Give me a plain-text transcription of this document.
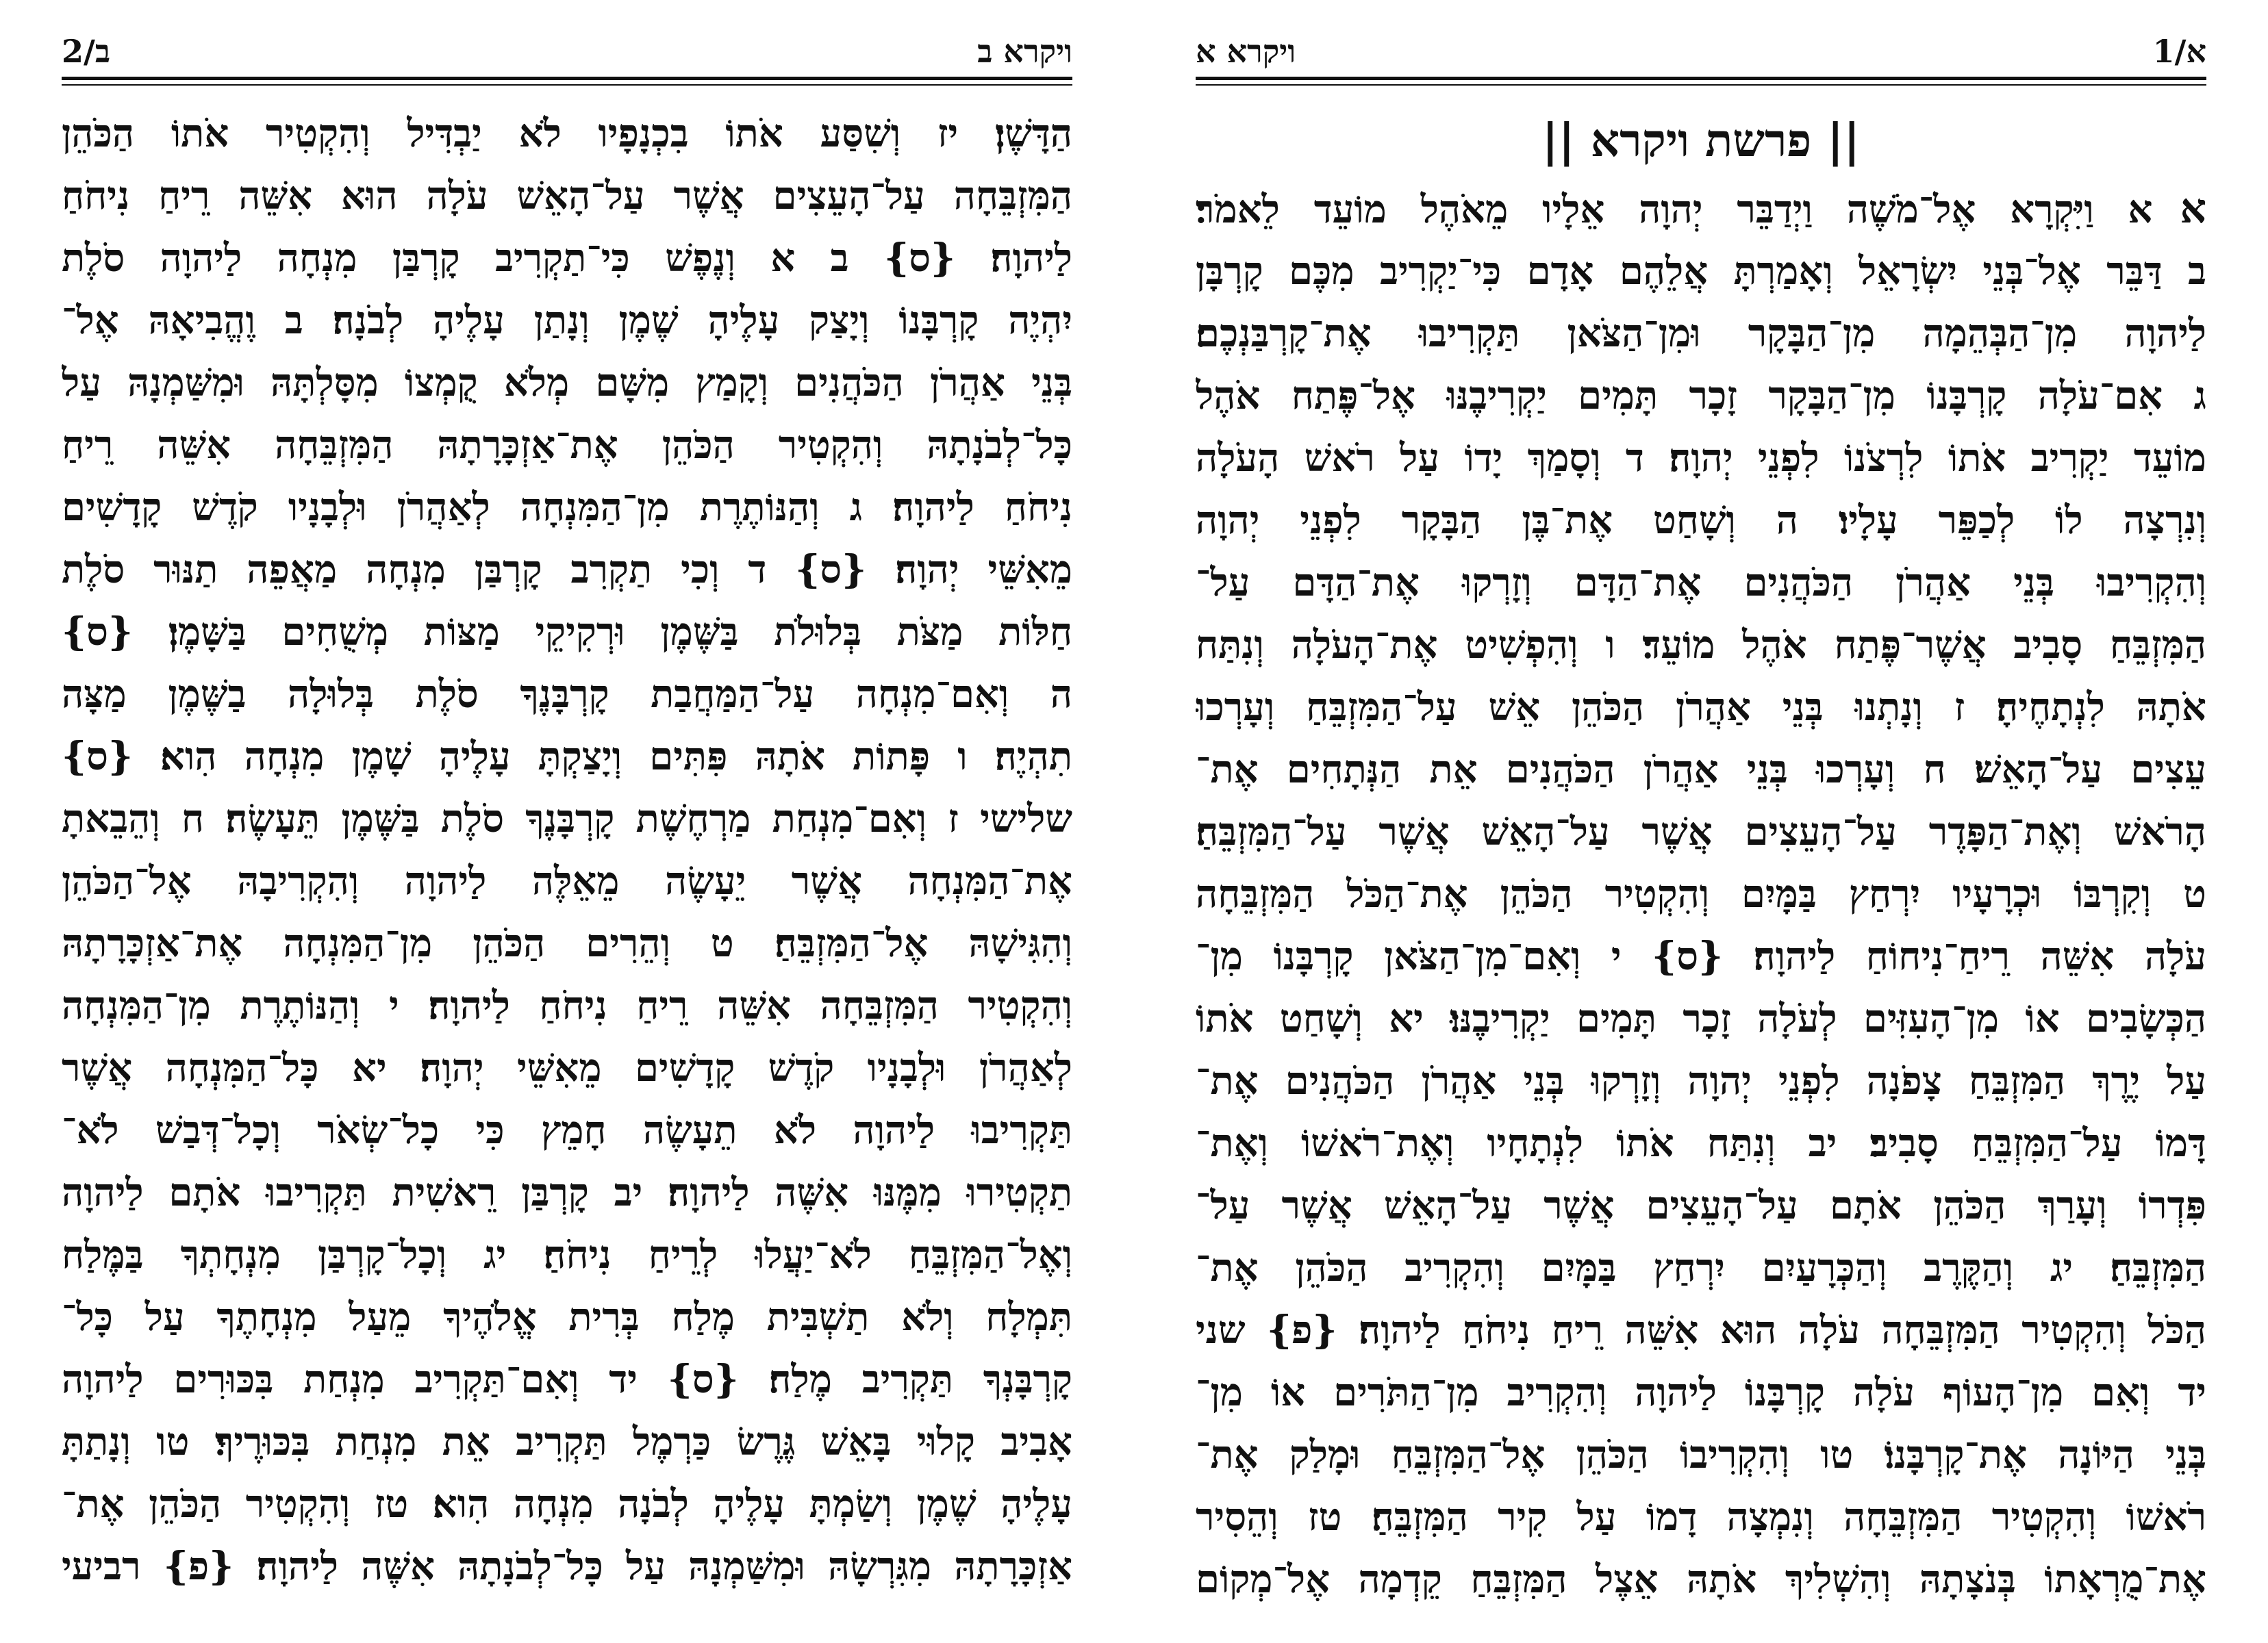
ויקרא ב
ב/2
הַדָּשֶׁן׃ יז וְשִׁסַּע אֹתוֹ בִכְנָפָיו לֹא יַבְדִּיל וְהִקְטִיר אֹתוֹ הַכֹּהֵן
הַמִּזְבֵּחָה עַל־הָעֵצִים אֲשֶׁר עַל־הָאֵשׁ עֹלָה הוּא אִשֵּׁה רֵיחַ נִיחֹחַ
לַיהוָה׃ {ס} ב א וְנֶפֶשׁ כִּי־תַקְרִיב קָרְבַּן מִנְחָה לַיהוָה סֹלֶת
יִהְיֶה קָרְבָּנוֹ וְיָצַק עָלֶיהָ שֶׁמֶן וְנָתַן עָלֶיהָ לְבֹנָה׃ ב וֶהֱבִיאָהּ אֶל־
בְּנֵי אַהֲרֹן הַכֹּהֲנִים וְקָמַץ מִשָּׁם מְלֹא קֻמְצוֹ מִסָּלְתָּהּ וּמִשַּׁמְנָהּ עַל
כָּל־לְבֹנָתָהּ וְהִקְטִיר הַכֹּהֵן אֶת־אַזְכָּרָתָהּ הַמִּזְבֵּחָה אִשֵּׁה רֵיחַ
נִיחֹחַ לַיהוָה׃ ג וְהַנּוֹתֶרֶת מִן־הַמִּנְחָה לְאַהֲרֹן וּלְבָנָיו קֹדֶשׁ קָדָשִׁים
מֵאִשֵּׁי יְהוָה׃ {ס} ד וְכִי תַקְרִב קָרְבַּן מִנְחָה מַאֲפֵה תַנּוּר סֹלֶת
חַלּוֹת מַצֹּת בְּלוּלֹת בַּשֶּׁמֶן וּרְקִיקֵי מַצּוֹת מְשֻׁחִים בַּשָּׁמֶן׃ {ס}
ה וְאִם־מִנְחָה עַל־הַמַּחֲבַת קָרְבָּנֶךָ סֹלֶת בְּלוּלָה בַשֶּׁמֶן מַצָּה
תִהְיֶה׃ ו פָּתוֹת אֹתָהּ פִּתִּים וְיָצַקְתָּ עָלֶיהָ שָׁמֶן מִנְחָה הִוא׃ {ס}
שלישי ז וְאִם־מִנְחַת מַרְחֶשֶׁת קָרְבָּנֶךָ סֹלֶת בַּשֶּׁמֶן תֵּעָשֶׂה׃ ח וְהֵבֵאתָ
אֶת־הַמִּנְחָה אֲשֶׁר יֵעָשֶׂה מֵאֵלֶּה לַיהוָה וְהִקְרִיבָהּ אֶל־הַכֹּהֵן
וְהִגִּישָׁהּ אֶל־הַמִּזְבֵּחַ׃ ט וְהֵרִים הַכֹּהֵן מִן־הַמִּנְחָה אֶת־אַזְכָּרָתָהּ
וְהִקְטִיר הַמִּזְבֵּחָה אִשֵּׁה רֵיחַ נִיחֹחַ לַיהוָה׃ י וְהַנּוֹתֶרֶת מִן־הַמִּנְחָה
לְאַהֲרֹן וּלְבָנָיו קֹדֶשׁ קָדָשִׁים מֵאִשֵּׁי יְהוָה׃ יא כָּל־הַמִּנְחָה אֲשֶׁר
תַּקְרִיבוּ לַיהוָה לֹא תֵעָשֶׂה חָמֵץ כִּי כָל־שְׂאֹר וְכָל־דְּבַשׁ לֹא־
תַקְטִירוּ מִמֶּנּוּ אִשֶּׁה לַיהוָה׃ יב קָרְבַּן רֵאשִׁית תַּקְרִיבוּ אֹתָם לַיהוָה
וְאֶל־הַמִּזְבֵּחַ לֹא־יַעֲלוּ לְרֵיחַ נִיחֹחַ׃ יג וְכָל־קָרְבַּן מִנְחָתְךָ בַּמֶּלַח
תִּמְלָח וְלֹא תַשְׁבִּית מֶלַח בְּרִית אֱלֹהֶיךָ מֵעַל מִנְחָתֶךָ עַל כָּל־
קָרְבָּנְךָ תַּקְרִיב מֶלַח׃ {ס} יד וְאִם־תַּקְרִיב מִנְחַת בִּכּוּרִים לַיהוָה
אָבִיב קָלוּי בָּאֵשׁ גֶּרֶשׂ כַּרְמֶל תַּקְרִיב אֵת מִנְחַת בִּכּוּרֶיךָ׃ טו וְנָתַתָּ
עָלֶיהָ שֶׁמֶן וְשַׂמְתָּ עָלֶיהָ לְבֹנָה מִנְחָה הִוא׃ טז וְהִקְטִיר הַכֹּהֵן אֶת־
אַזְכָּרָתָהּ מִגִּרְשָׂהּ וּמִשַּׁמְנָהּ עַל כָּל־לְבֹנָתָהּ אִשֶּׁה לַיהוָה׃ {פ} רביעי
ויקרא א	א/1
|| פרשת ויקרא ||
אא וַיִּקְרָא אֶל־מֹשֶׁה וַיְדַבֵּר יְהוָה אֵלָיו מֵאֹהֶל מוֹעֵד לֵאמֹר׃
ב דַּבֵּר אֶל־בְּנֵי יִשְׂרָאֵל וְאָמַרְתָּ אֲלֵהֶם אָדָם כִּי־יַקְרִיב מִכֶּם קָרְבָּן
לַיהוָה מִן־הַבְּהֵמָה מִן־הַבָּקָר וּמִן־הַצֹּאן תַּקְרִיבוּ אֶת־קָרְבַּנְכֶם׃
ג אִם־עֹלָה קָרְבָּנוֹ מִן־הַבָּקָר זָכָר תָּמִים יַקְרִיבֶנּוּ אֶל־פֶּתַח אֹהֶל
מוֹעֵד יַקְרִיב אֹתוֹ לִרְצֹנוֹ לִפְנֵי יְהוָה׃ ד וְסָמַךְ יָדוֹ עַל רֹאשׁ הָעֹלָה
וְנִרְצָה לוֹ לְכַפֵּר עָלָיו׃ ה וְשָׁחַט אֶת־בֶּן הַבָּקָר לִפְנֵי יְהוָה
וְהִקְרִיבוּ בְּנֵי אַהֲרֹן הַכֹּהֲנִים אֶת־הַדָּם וְזָרְקוּ אֶת־הַדָּם עַל־
הַמִּזְבֵּחַ סָבִיב אֲשֶׁר־פֶּתַח אֹהֶל מוֹעֵד׃ ו וְהִפְשִׁיט אֶת־הָעֹלָה וְנִתַּח
אֹתָהּ לִנְתָחֶיהָ׃ ז וְנָתְנוּ בְּנֵי אַהֲרֹן הַכֹּהֵן אֵשׁ עַל־הַמִּזְבֵּחַ וְעָרְכוּ
עֵצִים עַל־הָאֵשׁ׃ ח וְעָרְכוּ בְּנֵי אַהֲרֹן הַכֹּהֲנִים אֵת הַנְּתָחִים אֶת־
הָרֹאשׁ וְאֶת־הַפָּדֶר עַל־הָעֵצִים אֲשֶׁר עַל־הָאֵשׁ אֲשֶׁר עַל־הַמִּזְבֵּחַ׃
ט וְקִרְבּוֹ וּכְרָעָיו יִרְחַץ בַּמָּיִם וְהִקְטִיר הַכֹּהֵן אֶת־הַכֹּל הַמִּזְבֵּחָה
עֹלָה אִשֵּׁה רֵיחַ־נִיחוֹחַ לַיהוָה׃ {ס} י וְאִם־מִן־הַצֹּאן קָרְבָּנוֹ מִן־
הַכְּשָׂבִים אוֹ מִן־הָעִזִּים לְעֹלָה זָכָר תָּמִים יַקְרִיבֶנּוּ׃ יא וְשָׁחַט אֹתוֹ
עַל יֶרֶךְ הַמִּזְבֵּחַ צָפֹנָה לִפְנֵי יְהוָה וְזָרְקוּ בְּנֵי אַהֲרֹן הַכֹּהֲנִים אֶת־
דָּמוֹ עַל־הַמִּזְבֵּחַ סָבִיב׃ יב וְנִתַּח אֹתוֹ לִנְתָחָיו וְאֶת־רֹאשׁוֹ וְאֶת־
פִּדְרוֹ וְעָרַךְ הַכֹּהֵן אֹתָם עַל־הָעֵצִים אֲשֶׁר עַל־הָאֵשׁ אֲשֶׁר עַל־
הַמִּזְבֵּחַ׃ יג וְהַקֶּרֶב וְהַכְּרָעַיִם יִרְחַץ בַּמָּיִם וְהִקְרִיב הַכֹּהֵן אֶת־
הַכֹּל וְהִקְטִיר הַמִּזְבֵּחָה עֹלָה הוּא אִשֵּׁה רֵיחַ נִיחֹחַ לַיהוָה׃ {פ} שני
יד וְאִם מִן־הָעוֹף עֹלָה קָרְבָּנוֹ לַיהוָה וְהִקְרִיב מִן־הַתֹּרִים אוֹ מִן־
בְּנֵי הַיּוֹנָה אֶת־קָרְבָּנוֹ׃ טו וְהִקְרִיבוֹ הַכֹּהֵן אֶל־הַמִּזְבֵּחַ וּמָלַק אֶת־
רֹאשׁוֹ וְהִקְטִיר הַמִּזְבֵּחָה וְנִמְצָה דָמוֹ עַל קִיר הַמִּזְבֵּחַ׃ טז וְהֵסִיר
אֶת־מֻרְאָתוֹ בְּנֹצָתָהּ וְהִשְׁלִיךְ אֹתָהּ אֵצֶל הַמִּזְבֵּחַ קֵדְמָה אֶל־מְקוֹם
